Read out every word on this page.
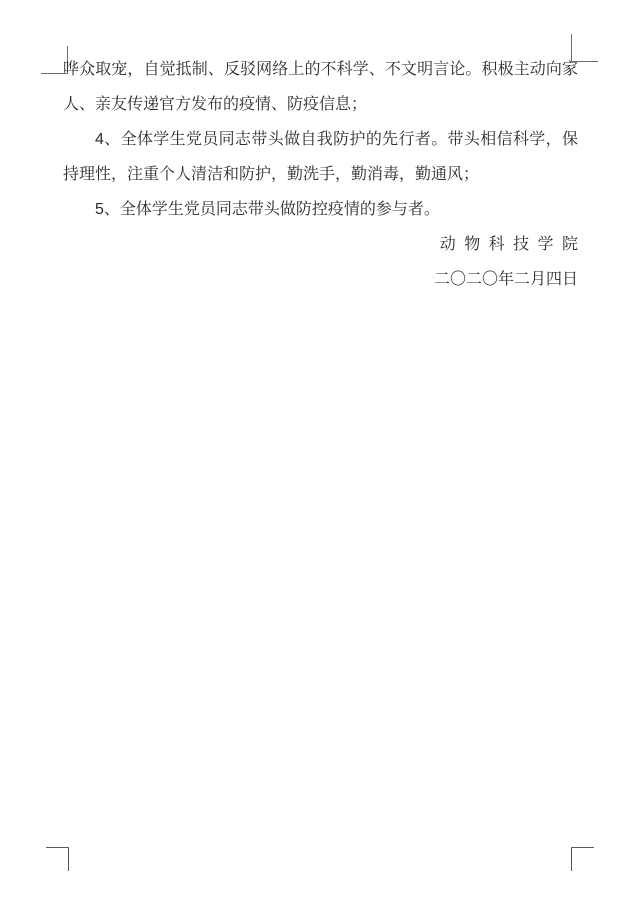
哗众取宠，自觉抵制、反驳网络上的不科学、不文明言论。积极主动向家人、亲友传递官方发布的疫情、防疫信息；

4、全体学生党员同志带头做自我防护的先行者。带头相信科学，保持理性，注重个人清洁和防护，勤洗手，勤消毒，勤通风；

5、全体学生党员同志带头做防控疫情的参与者。

动 物 科 技 学 院

二〇二〇年二月四日
